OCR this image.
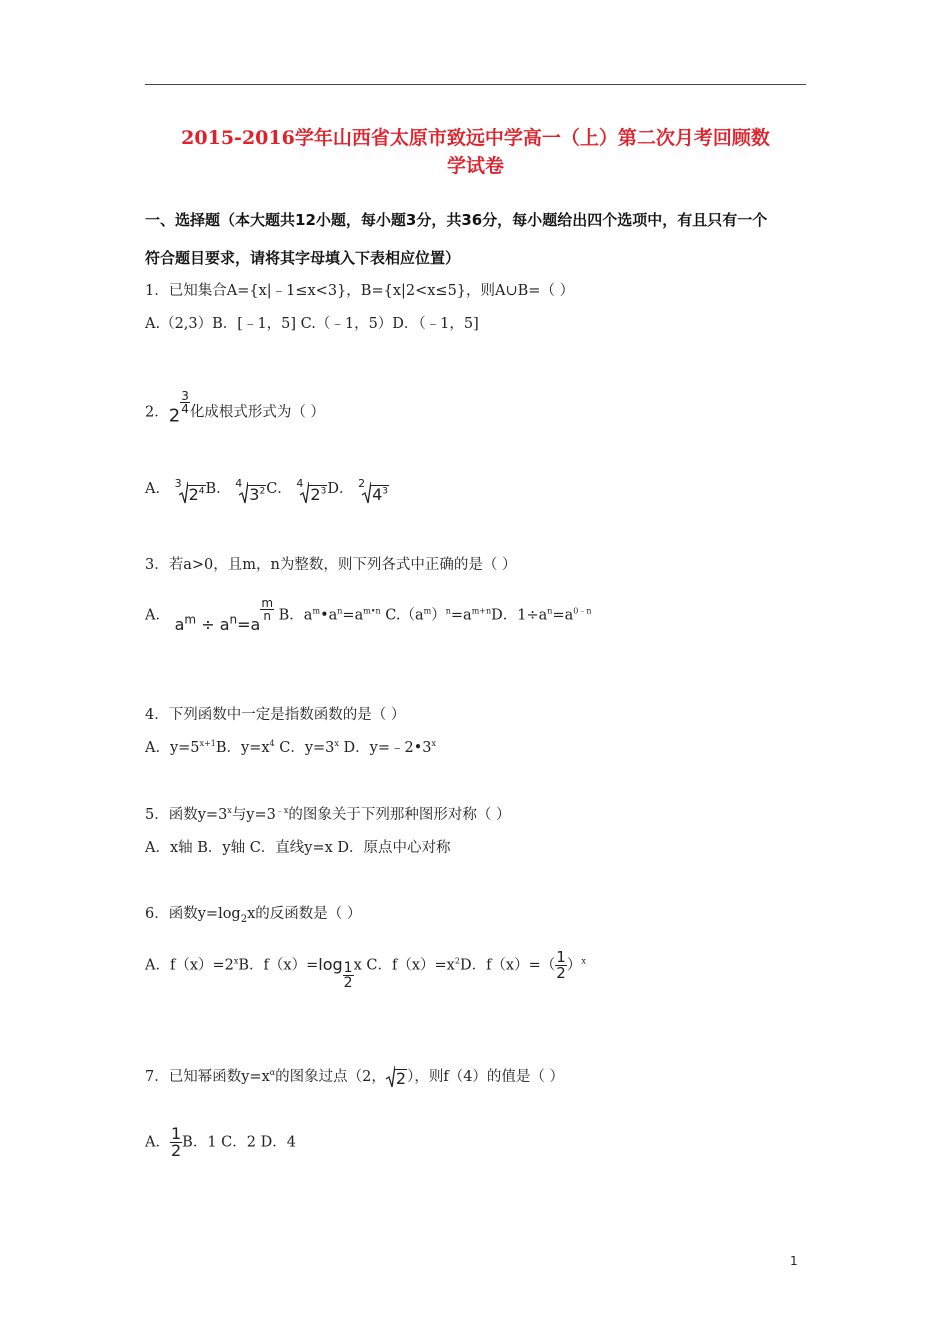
2015-2016学年山西省太原市致远中学高一（上）第二次月考回顾数
学试卷
一、选择题（本大题共12小题，每小题3分，共36分，每小题给出四个选项中，有且只有一个
符合题目要求，请将其字母填入下表相应位置）
1．已知集合A={x|﹣1≤x<3}，B={x|2<x≤5}，则A∪B=（ ）
A.（2,3）B．[﹣1，5] C.（﹣1，5）D．（﹣1，5]
2．2
$\frac{3}{4}$ 化成根式形式为（ ）
A． 3
$2^4$ B． 4
$3^2$ C． 4
$2^3$ D． 2
$4^3$
3．若a>0，且m，n为整数，则下列各式中正确的是（ ）
A． $a^m \div a^n=a$
$\frac{m}{n}$ B．$a^m•a^n=a^{m•n}$ $C.(a^m)^n=a^{m+n}D$．$1\div a^n=a^{0﹣n}$
4．下列函数中一定是指数函数的是（ ）
A．$y=5^{x+1}B$．$y=x^4$ C．$y=3^x$ D．$y=﹣2•3^x$
5．函数$y=3^x$与$y=3^{﹣x}$的图象关于下列那种图形对称（ ）
A．x轴 B．y轴 C．直线y=x D．原点中心对称
6．函数$y=\log_2x$的反函数是（ ）
A．$f(x)=2^xB$．$f(x)=\log \frac{1}{2}$ x C．$f(x)=x^2D$．$f(x)=( \frac{1}{2} )^x$
7．已知幂函数$y=x^\alpha$的图象过点（2， 2 ），则f（4）的值是（ ）
A． $\frac{1}{2}$ B．1 C．2 D．4
1
